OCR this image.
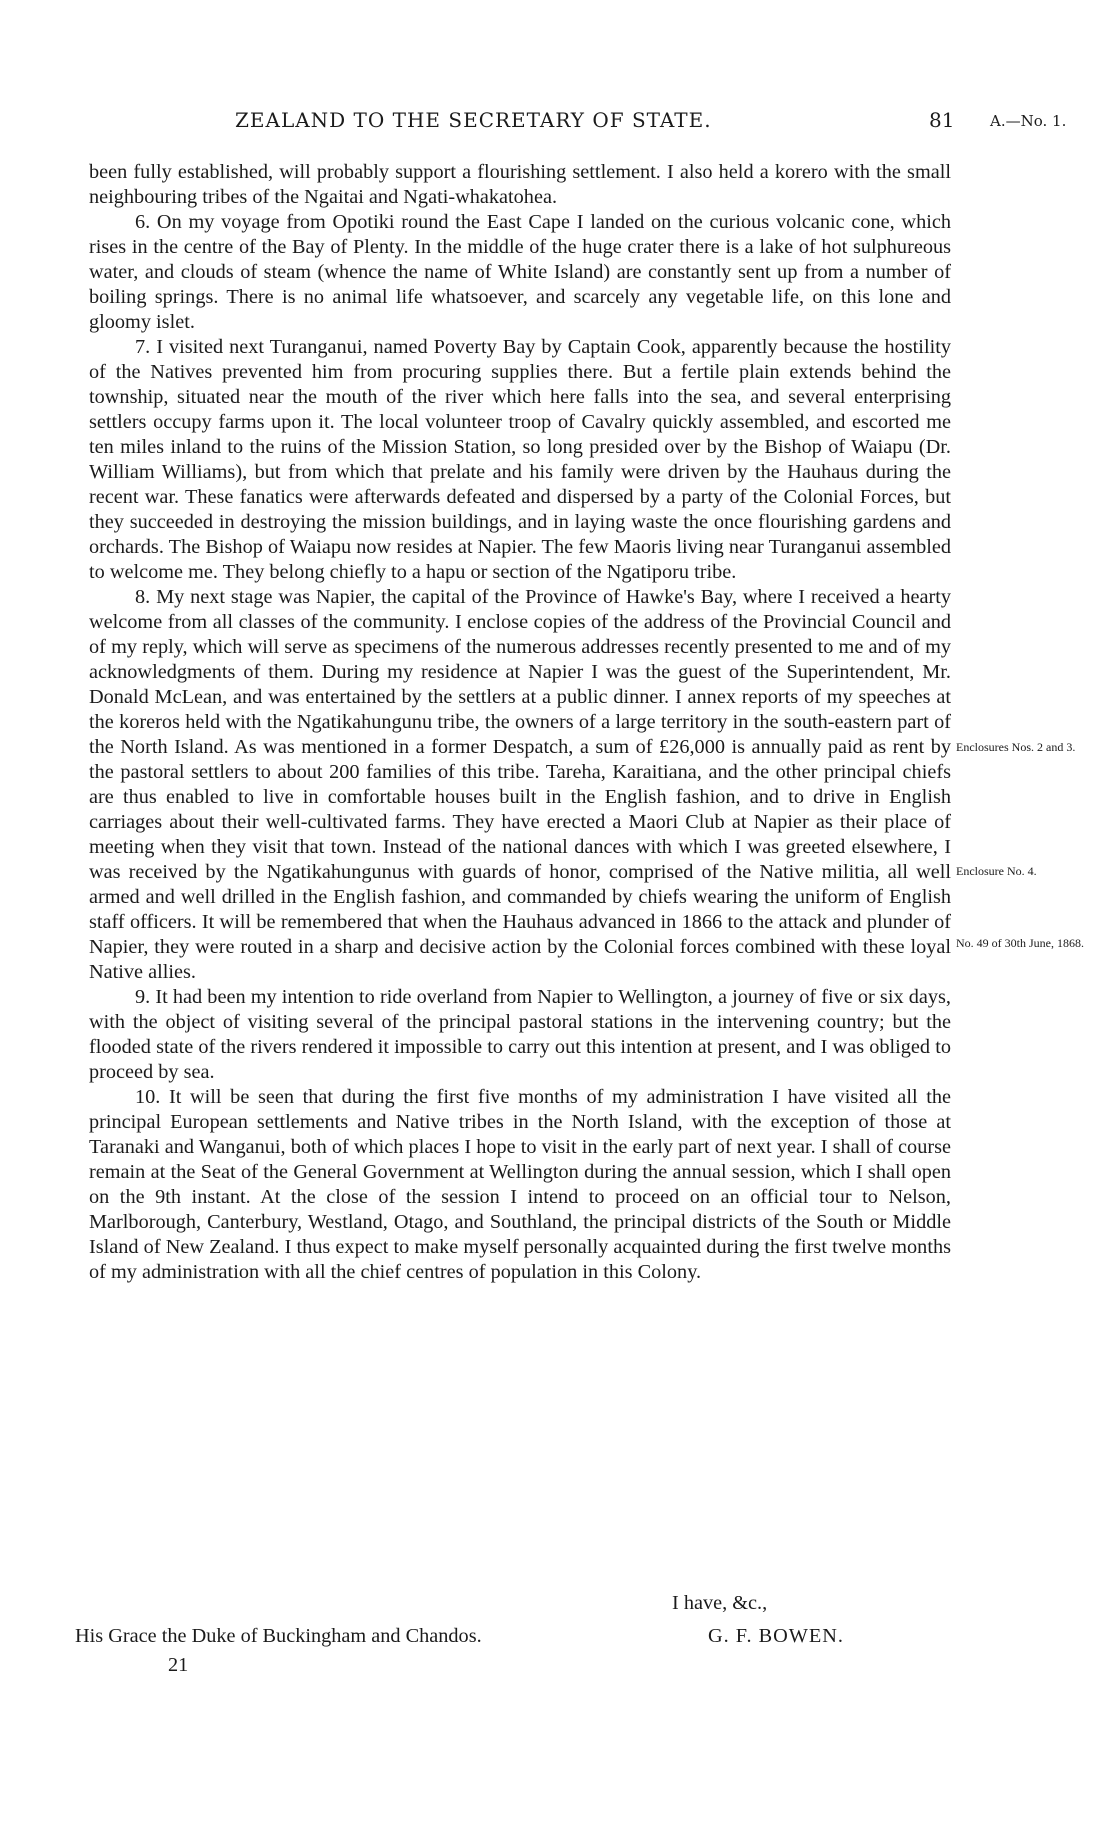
ZEALAND TO THE SECRETARY OF STATE.	81 A.—No. 1.

been fully established, will probably support a flourishing settlement. I also held a korero with the small neighbouring tribes of the Ngaitai and Ngati-whakatohea.

6. On my voyage from Opotiki round the East Cape I landed on the curious volcanic cone, which rises in the centre of the Bay of Plenty. In the middle of the huge crater there is a lake of hot sulphureous water, and clouds of steam (whence the name of White Island) are constantly sent up from a number of boiling springs. There is no animal life whatsoever, and scarcely any vegetable life, on this lone and gloomy islet.

7. I visited next Turanganui, named Poverty Bay by Captain Cook, apparently because the hostility of the Natives prevented him from procuring supplies there. But a fertile plain extends behind the township, situated near the mouth of the river which here falls into the sea, and several enterprising settlers occupy farms upon it. The local volunteer troop of Cavalry quickly assembled, and escorted me ten miles inland to the ruins of the Mission Station, so long presided over by the Bishop of Waiapu (Dr. William Williams), but from which that prelate and his family were driven by the Hauhaus during the recent war. These fanatics were afterwards defeated and dispersed by a party of the Colonial Forces, but they succeeded in destroying the mission buildings, and in laying waste the once flourishing gardens and orchards. The Bishop of Waiapu now resides at Napier. The few Maoris living near Turanganui assembled to welcome me. They belong chiefly to a hapu or section of the Ngatiporu tribe.

8. My next stage was Napier, the capital of the Province of Hawke's Bay, where I received a hearty welcome from all classes of the community. I enclose copies of the address of the Provincial Council and of my reply, which will serve as specimens of the numerous addresses recently presented to me and of my acknowledgments of them. During my residence at Napier I was the guest of the Superintendent, Mr. Donald McLean, and was entertained by the settlers at a public dinner. I annex reports of my speeches at the koreros held with the Ngatikahungunu tribe, the owners of a large territory in the south-eastern part of the North Island. As was mentioned in a former Despatch, a sum of £26,000 is annually paid as rent by the pastoral settlers to about 200 families of this tribe. Tareha, Karaitiana, and the other principal chiefs are thus enabled to live in comfortable houses built in the English fashion, and to drive in English carriages about their well-cultivated farms. They have erected a Maori Club at Napier as their place of meeting when they visit that town. Instead of the national dances with which I was greeted elsewhere, I was received by the Ngatikahungunus with guards of honor, comprised of the Native militia, all well armed and well drilled in the English fashion, and commanded by chiefs wearing the uniform of English staff officers. It will be remembered that when the Hauhaus advanced in 1866 to the attack and plunder of Napier, they were routed in a sharp and decisive action by the Colonial forces combined with these loyal Native allies.

9. It had been my intention to ride overland from Napier to Wellington, a journey of five or six days, with the object of visiting several of the principal pastoral stations in the intervening country; but the flooded state of the rivers rendered it impossible to carry out this intention at present, and I was obliged to proceed by sea.

10. It will be seen that during the first five months of my administration I have visited all the principal European settlements and Native tribes in the North Island, with the exception of those at Taranaki and Wanganui, both of which places I hope to visit in the early part of next year. I shall of course remain at the Seat of the General Government at Wellington during the annual session, which I shall open on the 9th instant. At the close of the session I intend to proceed on an official tour to Nelson, Marlborough, Canterbury, Westland, Otago, and Southland, the principal districts of the South or Middle Island of New Zealand. I thus expect to make myself personally acquainted during the first twelve months of my administration with all the chief centres of population in this Colony.

Enclosures Nos. 2 and 3.
Enclosure No. 4.
No. 49 of 30th June, 1868.
I have, &c.,
His Grace the Duke of Buckingham and Chandos.	G. F. BOWEN.
21
